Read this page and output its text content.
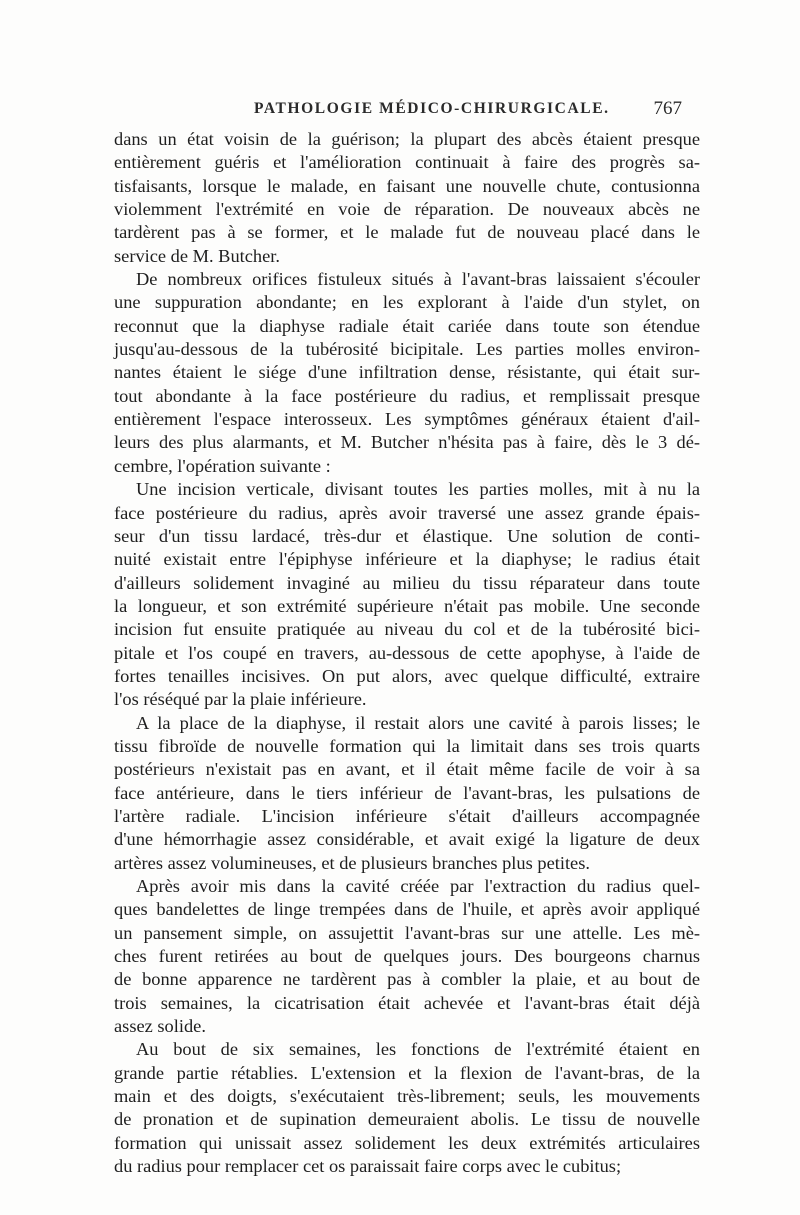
PATHOLOGIE MÉDICO-CHIRURGICALE. 767
dans un état voisin de la guérison; la plupart des abcès étaient presque
entièrement guéris et l'amélioration continuait à faire des progrès sa-
tisfaisants, lorsque le malade, en faisant une nouvelle chute, contusionna
violemment l'extrémité en voie de réparation. De nouveaux abcès ne
tardèrent pas à se former, et le malade fut de nouveau placé dans le
service de M. Butcher.
De nombreux orifices fistuleux situés à l'avant-bras laissaient s'écouler
une suppuration abondante; en les explorant à l'aide d'un stylet, on
reconnut que la diaphyse radiale était cariée dans toute son étendue
jusqu'au-dessous de la tubérosité bicipitale. Les parties molles environ-
nantes étaient le siége d'une infiltration dense, résistante, qui était sur-
tout abondante à la face postérieure du radius, et remplissait presque
entièrement l'espace interosseux. Les symptômes généraux étaient d'ail-
leurs des plus alarmants, et M. Butcher n'hésita pas à faire, dès le 3 dé-
cembre, l'opération suivante :
Une incision verticale, divisant toutes les parties molles, mit à nu la
face postérieure du radius, après avoir traversé une assez grande épais-
seur d'un tissu lardacé, très-dur et élastique. Une solution de conti-
nuité existait entre l'épiphyse inférieure et la diaphyse; le radius était
d'ailleurs solidement invaginé au milieu du tissu réparateur dans toute
la longueur, et son extrémité supérieure n'était pas mobile. Une seconde
incision fut ensuite pratiquée au niveau du col et de la tubérosité bici-
pitale et l'os coupé en travers, au-dessous de cette apophyse, à l'aide de
fortes tenailles incisives. On put alors, avec quelque difficulté, extraire
l'os réséqué par la plaie inférieure.
A la place de la diaphyse, il restait alors une cavité à parois lisses; le
tissu fibroïde de nouvelle formation qui la limitait dans ses trois quarts
postérieurs n'existait pas en avant, et il était même facile de voir à sa
face antérieure, dans le tiers inférieur de l'avant-bras, les pulsations de
l'artère radiale. L'incision inférieure s'était d'ailleurs accompagnée
d'une hémorrhagie assez considérable, et avait exigé la ligature de deux
artères assez volumineuses, et de plusieurs branches plus petites.
Après avoir mis dans la cavité créée par l'extraction du radius quel-
ques bandelettes de linge trempées dans de l'huile, et après avoir appliqué
un pansement simple, on assujettit l'avant-bras sur une attelle. Les mè-
ches furent retirées au bout de quelques jours. Des bourgeons charnus
de bonne apparence ne tardèrent pas à combler la plaie, et au bout de
trois semaines, la cicatrisation était achevée et l'avant-bras était déjà
assez solide.
Au bout de six semaines, les fonctions de l'extrémité étaient en
grande partie rétablies. L'extension et la flexion de l'avant-bras, de la
main et des doigts, s'exécutaient très-librement; seuls, les mouvements
de pronation et de supination demeuraient abolis. Le tissu de nouvelle
formation qui unissait assez solidement les deux extrémités articulaires
du radius pour remplacer cet os paraissait faire corps avec le cubitus;
